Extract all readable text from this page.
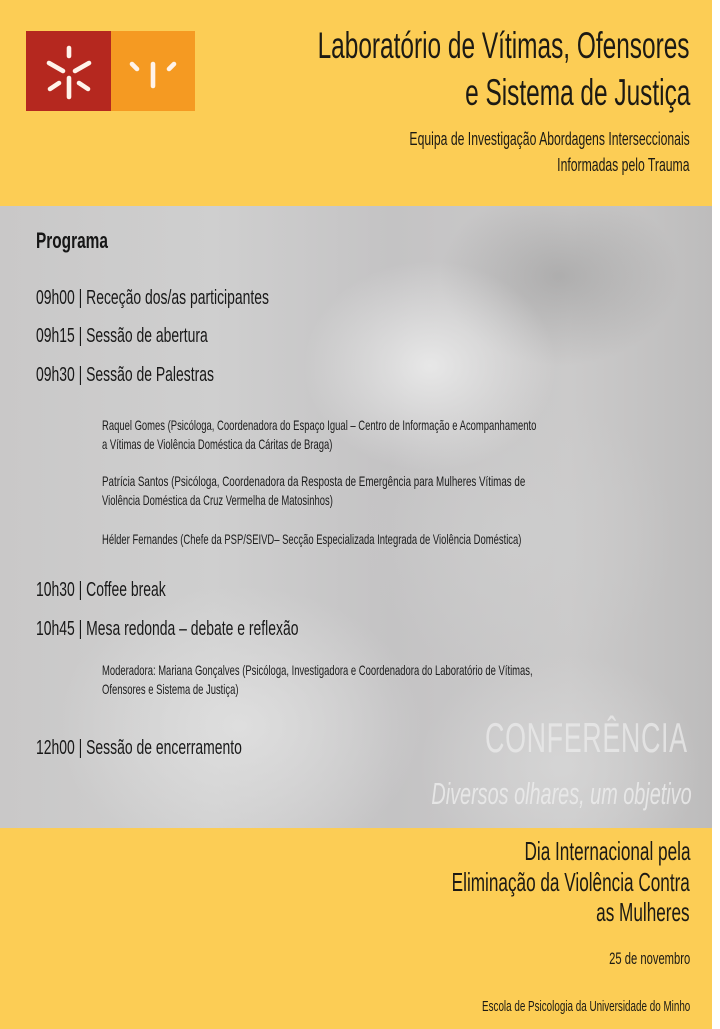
Laboratório de Vítimas, Ofensores
e Sistema de Justiça
Equipa de Investigação Abordagens Interseccionais
Informadas pelo Trauma
Programa
09h00 | Receção dos/as participantes
09h15 | Sessão de abertura
09h30 | Sessão de Palestras
Raquel Gomes (Psicóloga, Coordenadora do Espaço Igual – Centro de Informação e Acompanhamento
a Vítimas de Violência Doméstica da Cáritas de Braga)
Patrícia Santos (Psicóloga, Coordenadora da Resposta de Emergência para Mulheres Vítimas de
Violência Doméstica da Cruz Vermelha de Matosinhos)
Hélder Fernandes (Chefe da PSP/SEIVD– Secção Especializada Integrada de Violência Doméstica)
10h30 | Coffee break
10h45 | Mesa redonda – debate e reflexão
Moderadora: Mariana Gonçalves (Psicóloga, Investigadora e Coordenadora do Laboratório de Vítimas,
Ofensores e Sistema de Justiça)
12h00 | Sessão de encerramento	CONFERÊNCIA
Diversos olhares, um objetivo
Dia Internacional pela
Eliminação da Violência Contra
as Mulheres
25 de novembro
Escola de Psicologia da Universidade do Minho
